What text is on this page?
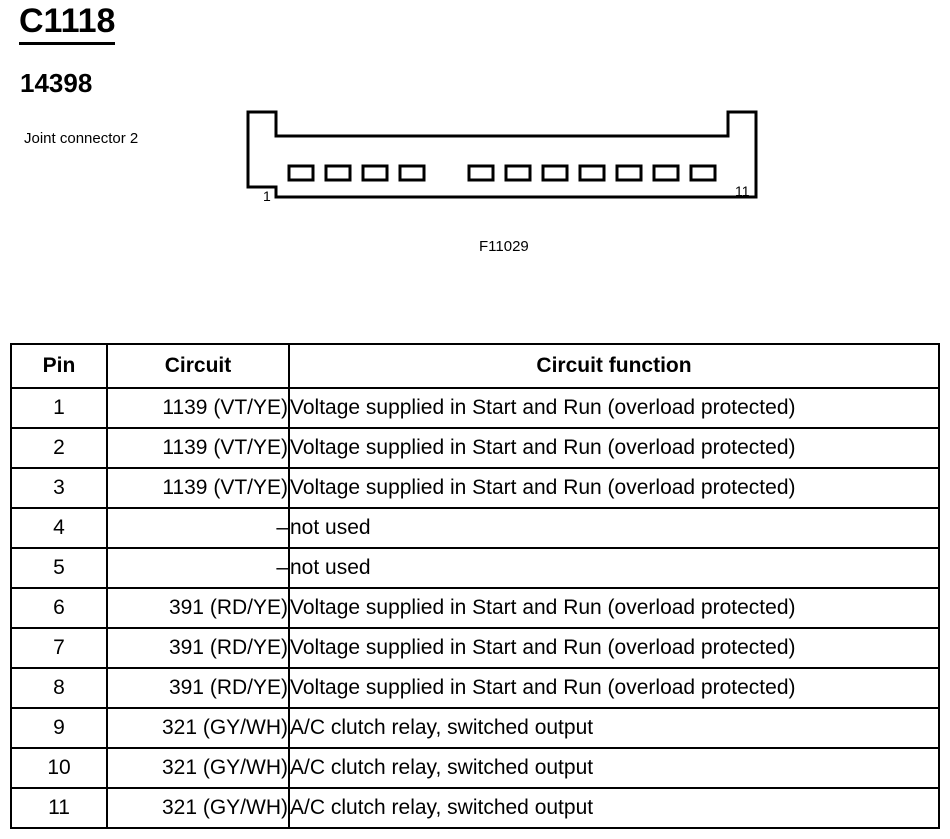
C1118
14398
Joint connector 2
1	11
F11029
Pin	Circuit	Circuit function
1	1139 (VT/YE)	Voltage supplied in Start and Run (overload protected)
2	1139 (VT/YE)	Voltage supplied in Start and Run (overload protected)
3	1139 (VT/YE)	Voltage supplied in Start and Run (overload protected)
4	–	not used
5	–	not used
6	391 (RD/YE)	Voltage supplied in Start and Run (overload protected)
7	391 (RD/YE)	Voltage supplied in Start and Run (overload protected)
8	391 (RD/YE)	Voltage supplied in Start and Run (overload protected)
9	321 (GY/WH)	A/C clutch relay, switched output
10	321 (GY/WH)	A/C clutch relay, switched output
11	321 (GY/WH)	A/C clutch relay, switched output
